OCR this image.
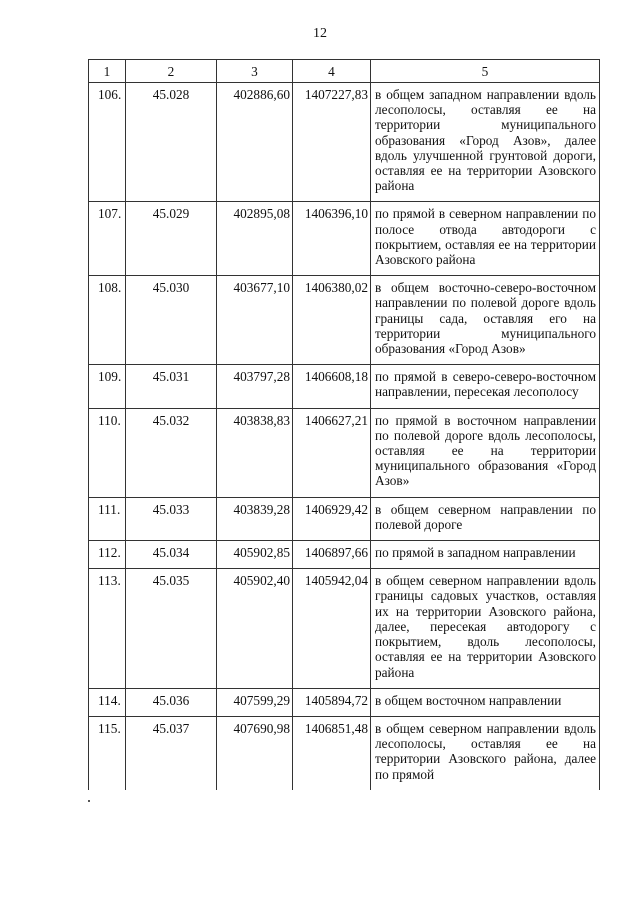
12
1	2	3	4	5
106.	45.028	402886,60	1407227,83	в общем западном направлении вдоль лесополосы, оставляя ее на территории муниципального образования «Город Азов», далее вдоль улучшенной грунтовой дороги, оставляя ее на территории Азовского района
107.	45.029	402895,08	1406396,10	по прямой в северном направлении по полосе отвода автодороги с покрытием, оставляя ее на территории Азовского района
108.	45.030	403677,10	1406380,02	в общем восточно-северо-восточном направлении по полевой дороге вдоль границы сада, оставляя его на территории муниципального образования «Город Азов»
109.	45.031	403797,28	1406608,18	по прямой в северо-северо-восточном направлении, пересекая лесополосу
110.	45.032	403838,83	1406627,21	по прямой в восточном направлении по полевой дороге вдоль лесополосы, оставляя ее на территории муниципального образования «Город Азов»
111.	45.033	403839,28	1406929,42	в общем северном направлении по полевой дороге
112.	45.034	405902,85	1406897,66	по прямой в западном направлении
113.	45.035	405902,40	1405942,04	в общем северном направлении вдоль границы садовых участков, оставляя их на территории Азовского района, далее, пересекая автодорогу с покрытием, вдоль лесополосы, оставляя ее на территории Азовского района
114.	45.036	407599,29	1405894,72	в общем восточном направлении
115.	45.037	407690,98	1406851,48	в общем северном направлении вдоль лесополосы, оставляя ее на территории Азовского района, далее по прямой
